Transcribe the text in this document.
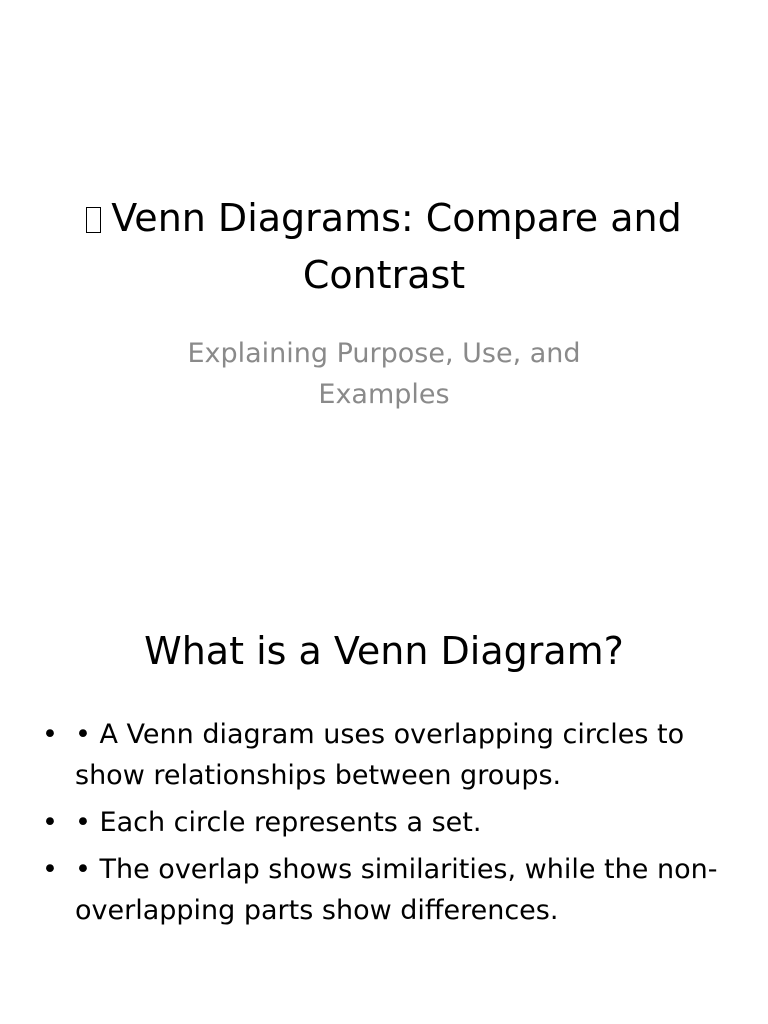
Venn Diagrams: Compare and Contrast

Explaining Purpose, Use, and Examples

What is a Venn Diagram?
• • A Venn diagram uses overlapping circles to show relationships between groups.
• • Each circle represents a set.
• • The overlap shows similarities, while the non-overlapping parts show differences.
